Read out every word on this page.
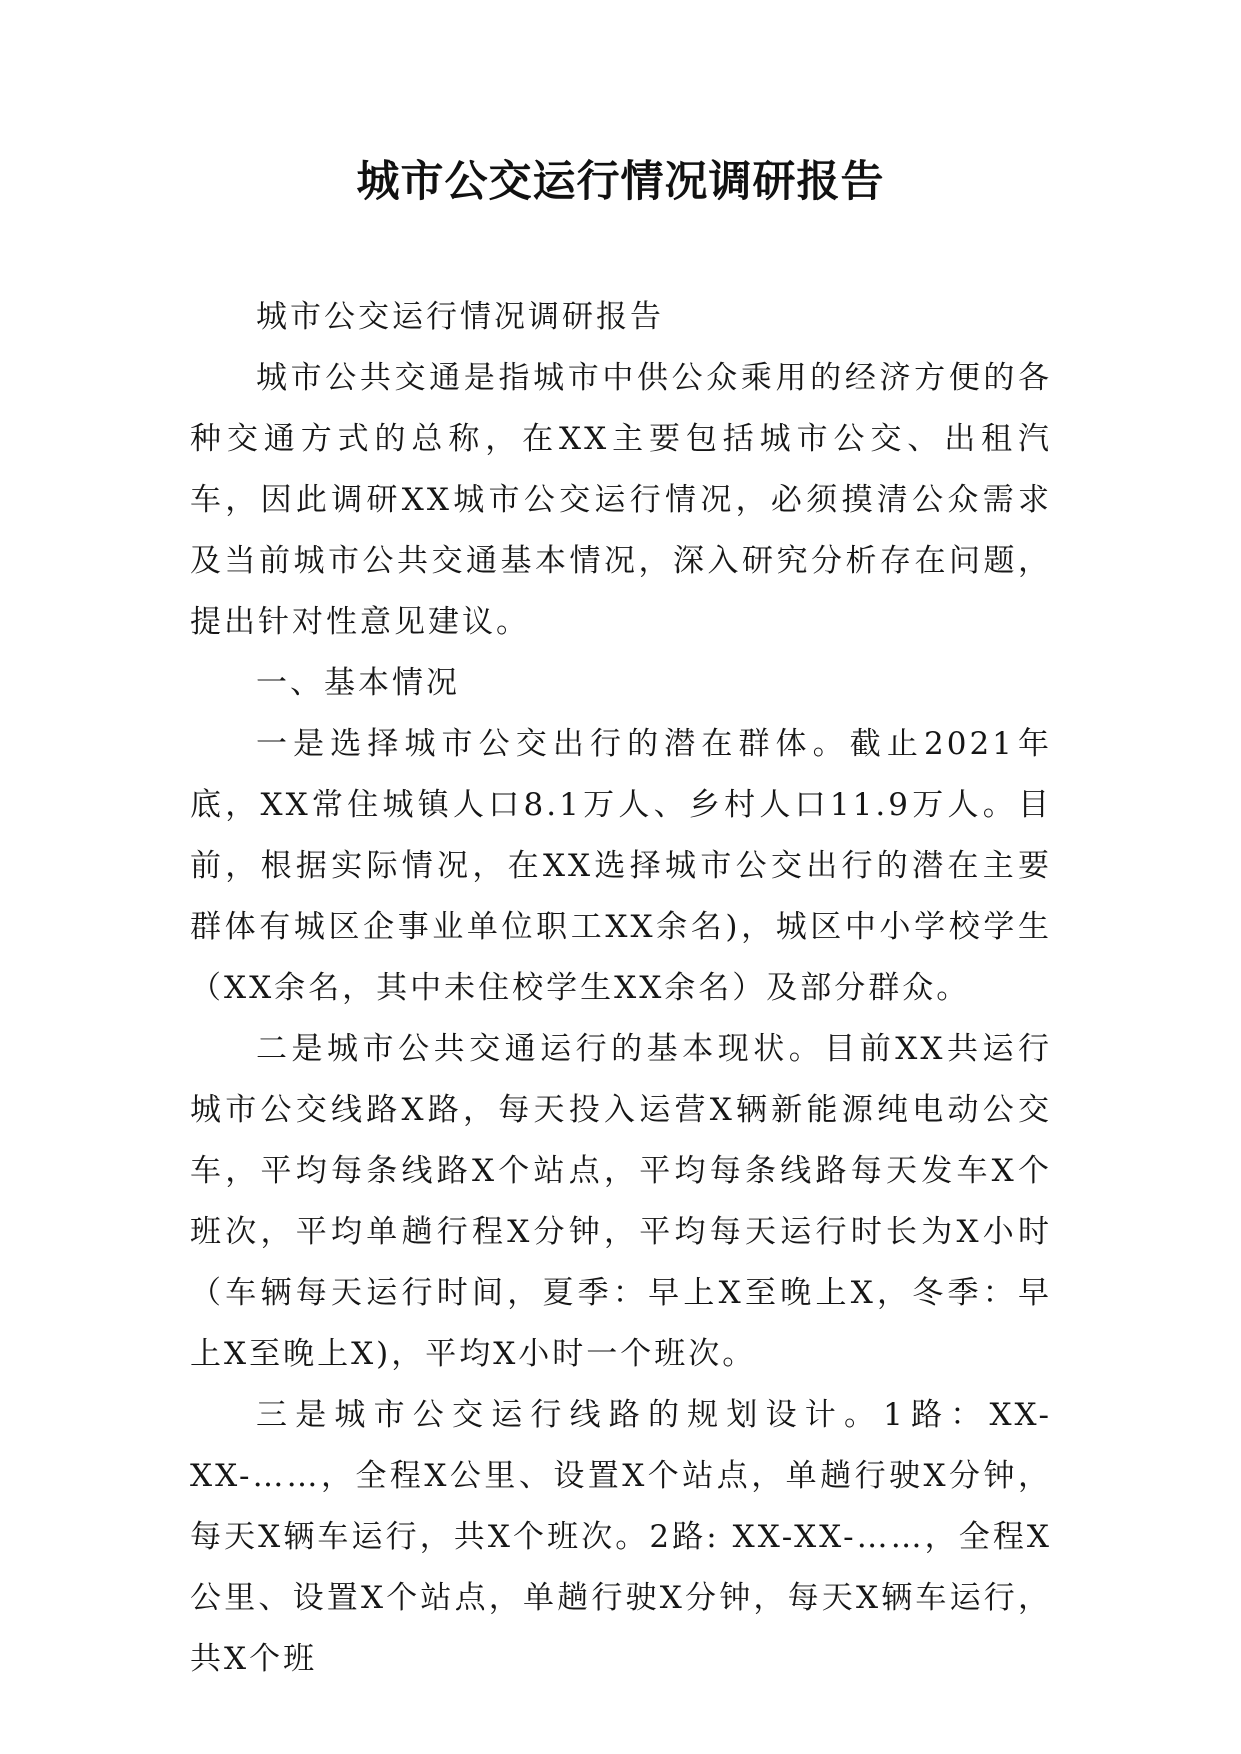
城市公交运行情况调研报告

城市公交运行情况调研报告

城市公共交通是指城市中供公众乘用的经济方便的各种交通方式的总称，在XX主要包括城市公交、出租汽车，因此调研XX城市公交运行情况，必须摸清公众需求及当前城市公共交通基本情况，深入研究分析存在问题，提出针对性意见建议。

一、基本情况

一是选择城市公交出行的潜在群体。截止2021年底，XX常住城镇人口8.1万人、乡村人口11.9万人。目前，根据实际情况，在XX选择城市公交出行的潜在主要群体有城区企事业单位职工XX余名)，城区中小学校学生（XX余名，其中未住校学生XX余名）及部分群众。

二是城市公共交通运行的基本现状。目前XX共运行城市公交线路X路，每天投入运营X辆新能源纯电动公交车，平均每条线路X个站点，平均每条线路每天发车X个班次，平均单趟行程X分钟，平均每天运行时长为X小时（车辆每天运行时间，夏季：早上X至晚上X，冬季：早上X至晚上X)，平均X小时一个班次。

三是城市公交运行线路的规划设计。1路：XX-XX-……，全程X公里、设置X个站点，单趟行驶X分钟，每天X辆车运行，共X个班次。2路: XX-XX-……，全程X公里、设置X个站点，单趟行驶X分钟，每天X辆车运行，共X个班
